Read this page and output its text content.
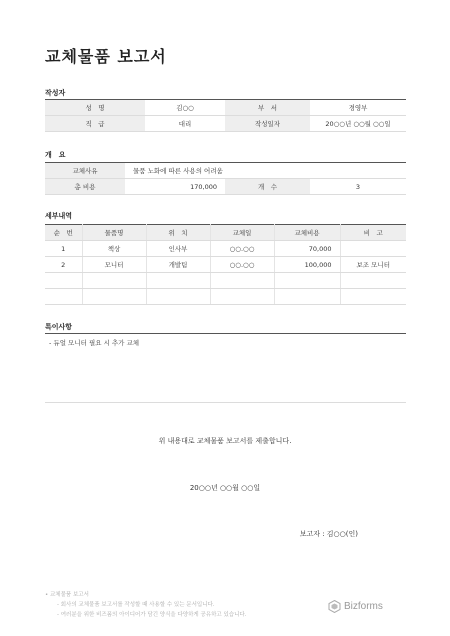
교체물품 보고서
작성자
성　명	김○○	부　서	경영부
직　급	대리	작성일자	20○○년 ○○월 ○○일
개　요
교체사유	물품 노화에 따른 사용의 어려움		
총 비용	170,000	개　수	3
세부내역
순　번	물품명	위　치	교체일	교체비용	비　고
1	책상	인사부	○○.○○	70,000	
2	모니터	개발팀	○○.○○	100,000	보조 모니터

특이사항
- 듀얼 모니터 필요 시 추가 교체
위 내용대로 교체물품 보고서를 제출합니다.
20○○년 ○○월 ○○일
보고자 : 김○○(인)
• 교체물품 보고서
- 회사의 교체물품 보고서를 작성할 때 사용할 수 있는 문서입니다.
- 여러분을 위한 비즈폼의 아이디어가 담긴 양식을 다양하게 공유하고 있습니다.
Bizforms
